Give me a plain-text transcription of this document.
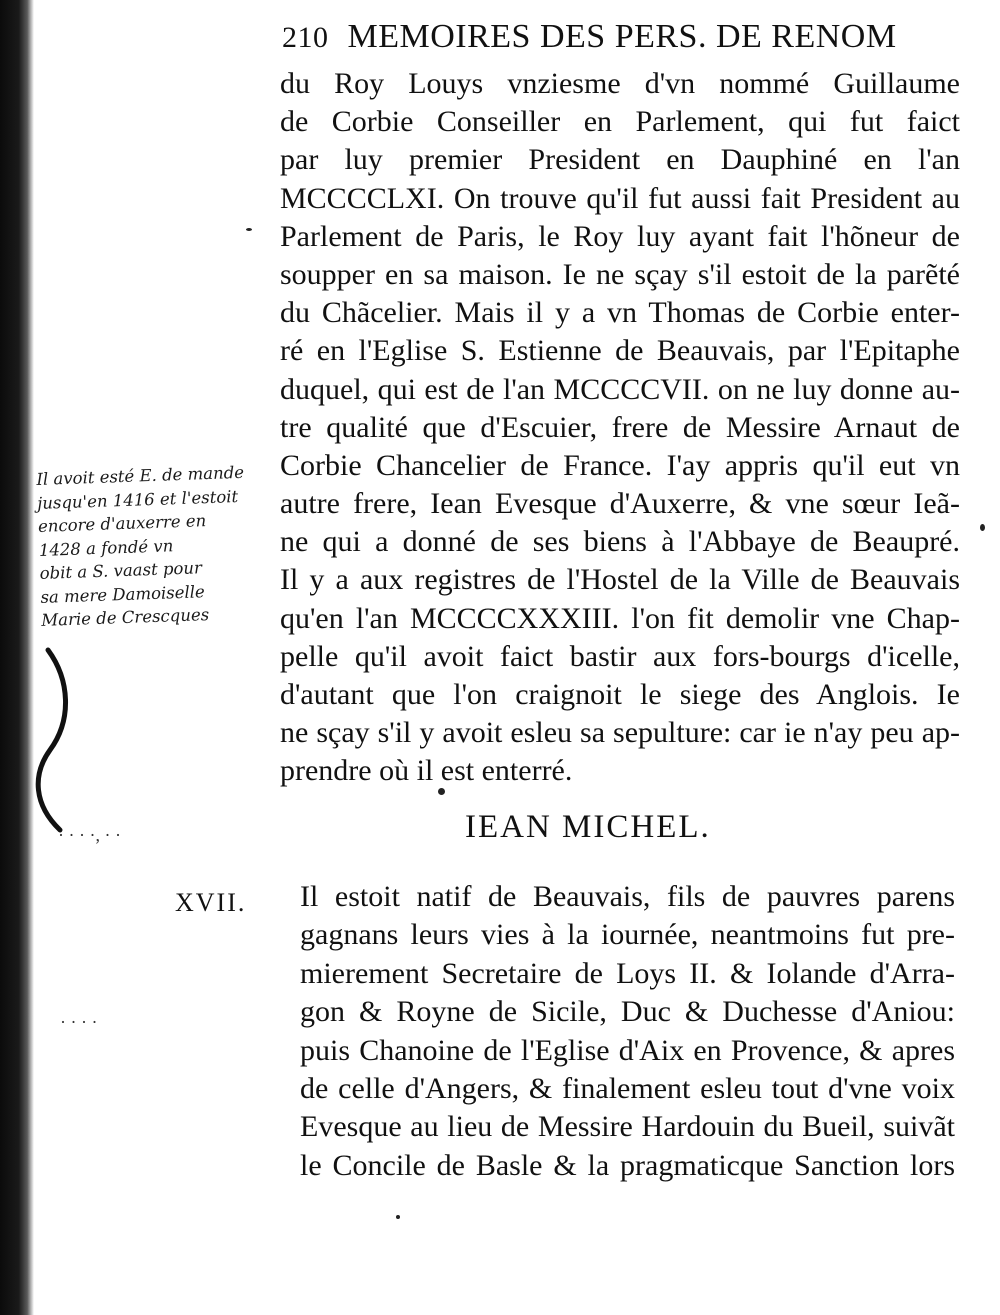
· · · ·, · ·
· · · ·
210 MEMOIRES DES PERS. DE RENOM
du Roy Louys vnziesme d'vn nommé Guillaume
de Corbie Conseiller en Parlement, qui fut faict
par luy premier President en Dauphiné en l'an
MCCCCLXI. On trouve qu'il fut aussi fait President au
Parlement de Paris, le Roy luy ayant fait l'hõneur de
soupper en sa maison. Ie ne sçay s'il estoit de la parẽté
du Chãcelier. Mais il y a vn Thomas de Corbie enter-
ré en l'Eglise S. Estienne de Beauvais, par l'Epitaphe
duquel, qui est de l'an MCCCCVII. on ne luy donne au-
tre qualité que d'Escuier, frere de Messire Arnaut de
Corbie Chancelier de France. I'ay appris qu'il eut vn
autre frere, Iean Evesque d'Auxerre, & vne sœur Ieã-
ne qui a donné de ses biens à l'Abbaye de Beaupré.
Il y a aux registres de l'Hostel de la Ville de Beauvais
qu'en l'an MCCCCXXXIII. l'on fit demolir vne Chap-
pelle qu'il avoit faict bastir aux fors-bourgs d'icelle,
d'autant que l'on craignoit le siege des Anglois. Ie
ne sçay s'il y avoit esleu sa sepulture: car ie n'ay peu ap-
prendre où il est enterré.
Il avoit esté E. de mande
jusqu'en 1416 et l'estoit
encore d'auxerre en
1428 a fondé vn
obit a S. vaast pour
sa mere Damoiselle
Marie de Crescques
IEAN MICHEL.
XVII. Il estoit natif de Beauvais, fils de pauvres parens
gagnans leurs vies à la iournée, neantmoins fut pre-
mierement Secretaire de Loys II. & Iolande d'Arra-
gon & Royne de Sicile, Duc & Duchesse d'Aniou:
puis Chanoine de l'Eglise d'Aix en Provence, & apres
de celle d'Angers, & finalement esleu tout d'vne voix
Evesque au lieu de Messire Hardouin du Bueil, suivãt
le Concile de Basle & la pragmaticque Sanction lors
